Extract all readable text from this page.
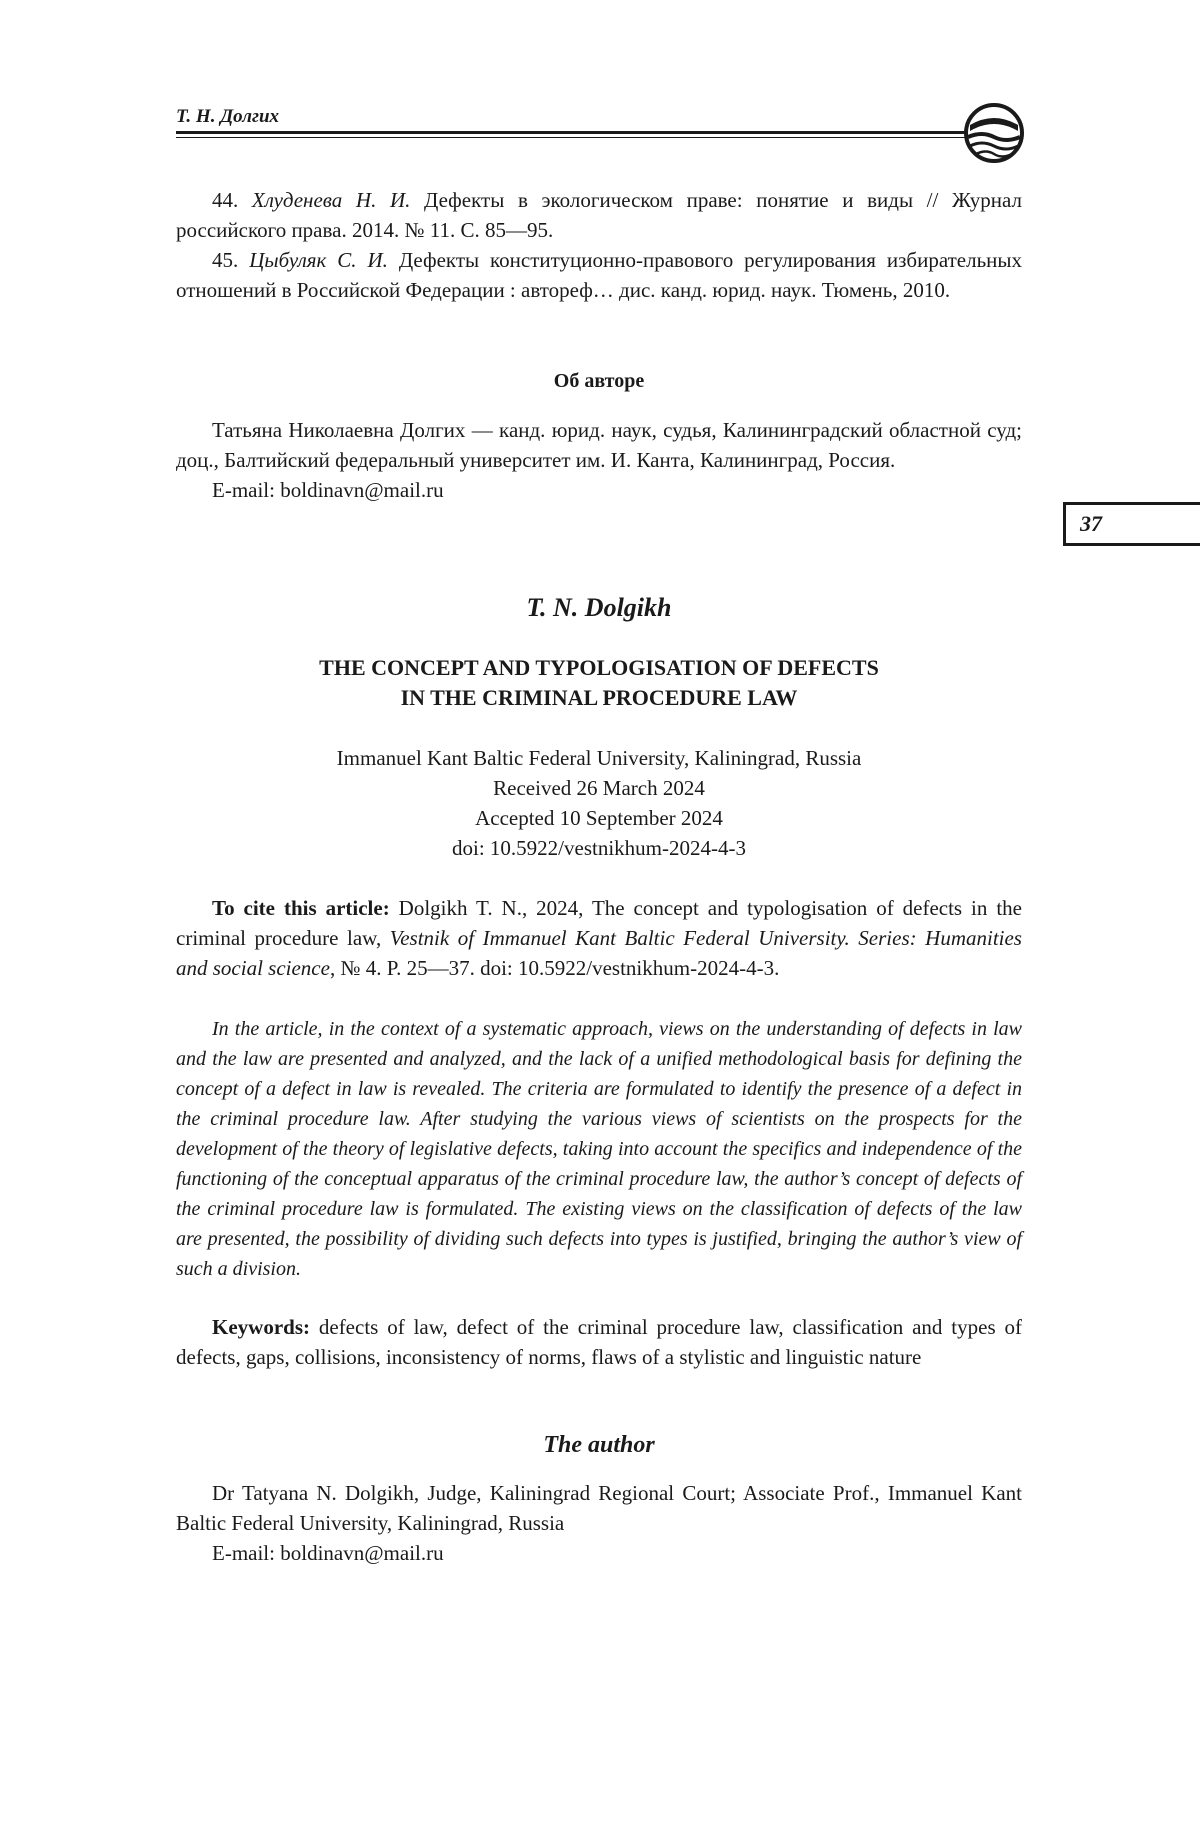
Т. Н. Долгих
37

44. Хлуденева Н. И. Дефекты в экологическом праве: понятие и виды // Журнал российского права. 2014. № 11. С. 85—95.

45. Цыбуляк С. И. Дефекты конституционно-правового регулирования избирательных отношений в Российской Федерации : автореф… дис. канд. юрид. наук. Тюмень, 2010.

Об авторе

Татьяна Николаевна Долгих — канд. юрид. наук, судья, Калининградский областной суд; доц., Балтийский федеральный университет им. И. Канта, Калининград, Россия.

E-mail: boldinavn@mail.ru

T. N. Dolgikh
THE CONCEPT AND TYPOLOGISATION OF DEFECTS
IN THE CRIMINAL PROCEDURE LAW
Immanuel Kant Baltic Federal University, Kaliningrad, Russia
Received 26 March 2024
Accepted 10 September 2024
doi: 10.5922/vestnikhum-2024-4-3

To cite this article: Dolgikh T. N., 2024, The concept and typologisation of defects in the criminal procedure law, Vestnik of Immanuel Kant Baltic Federal University. Series: Humanities and social science, № 4. P. 25—37. doi: 10.5922/vestnikhum-2024-4-3.

In the article, in the context of a systematic approach, views on the understanding of defects in law and the law are presented and analyzed, and the lack of a unified methodological basis for defining the concept of a defect in law is revealed. The criteria are formulated to identify the presence of a defect in the criminal procedure law. After studying the various views of scientists on the prospects for the development of the theory of legislative defects, taking into account the specifics and independence of the functioning of the conceptual apparatus of the criminal procedure law, the author’s concept of defects of the criminal procedure law is formulated. The existing views on the classification of defects of the law are presented, the possibility of dividing such defects into types is justified, bringing the author’s view of such a division.

Keywords: defects of law, defect of the criminal procedure law, classification and types of defects, gaps, collisions, inconsistency of norms, flaws of a stylistic and linguistic nature

The author

Dr Tatyana N. Dolgikh, Judge, Kaliningrad Regional Court; Associate Prof., Immanuel Kant Baltic Federal University, Kaliningrad, Russia

E-mail: boldinavn@mail.ru
